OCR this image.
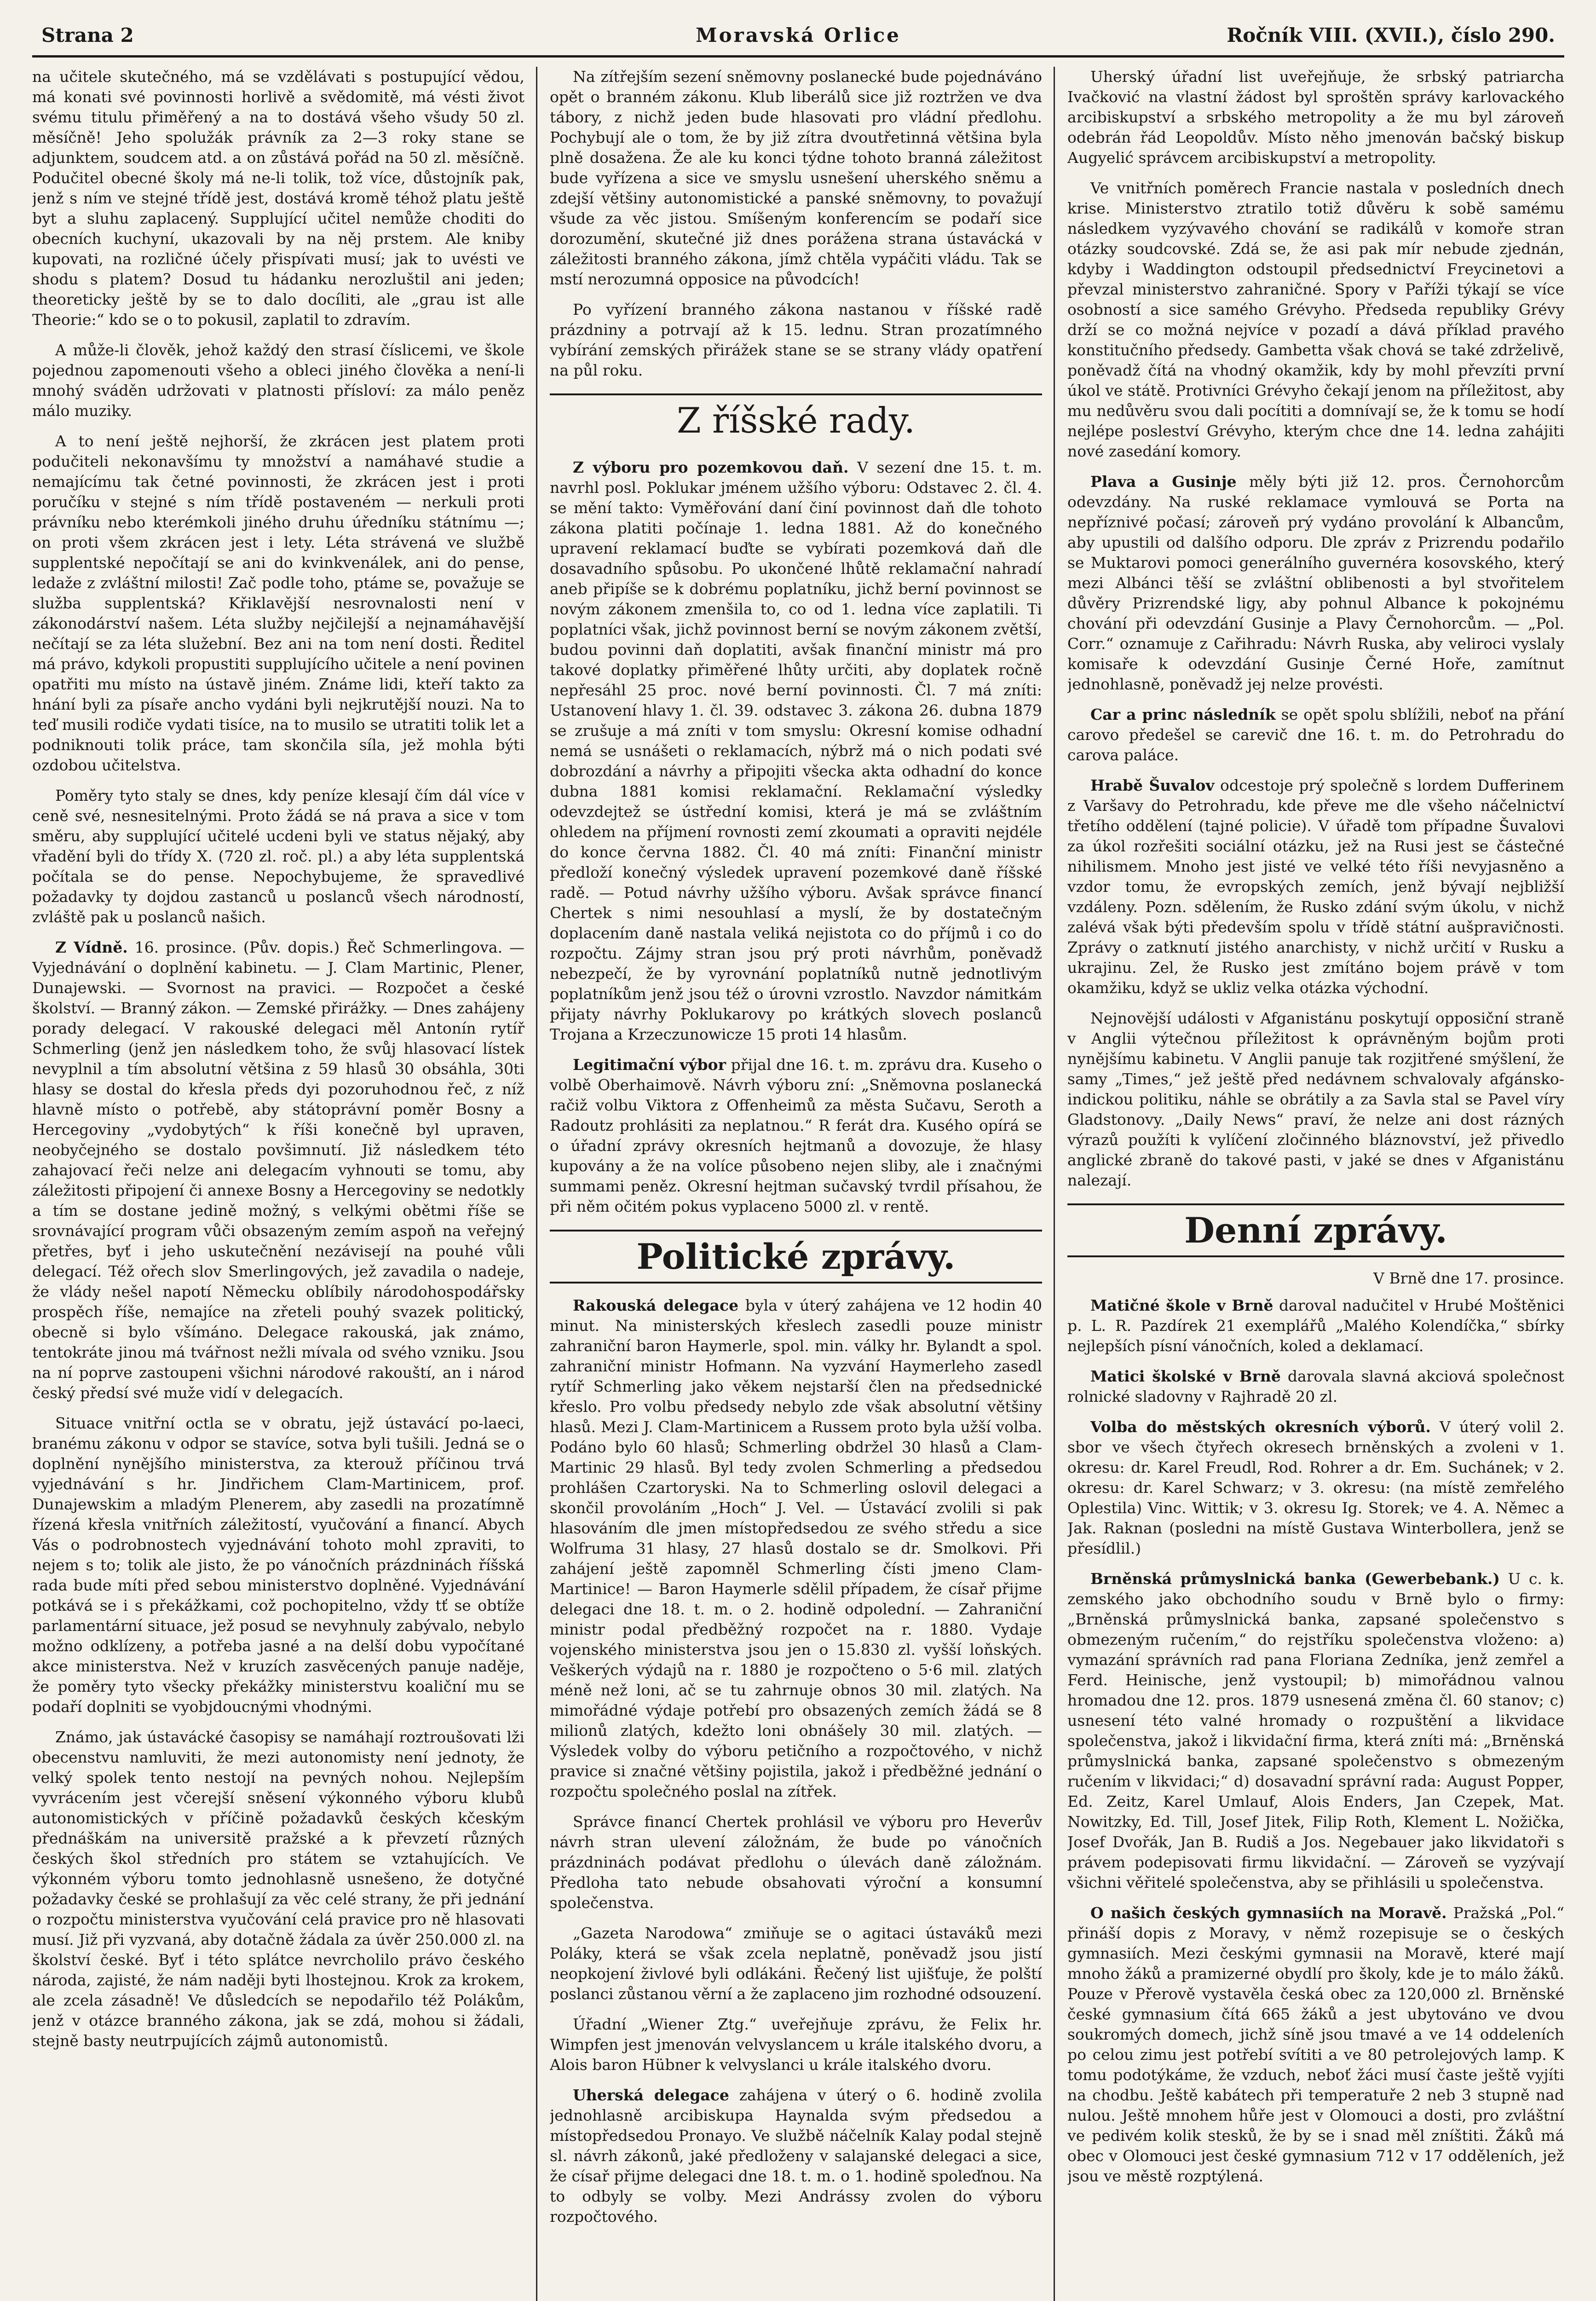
Strana 2	Moravská Orlice	Ročník VIII. (XVII.), číslo 290.

na učitele skutečného, má se vzdělávati s postupující vědou, má konati své povinnosti horlivě a svědomitě, má vésti život svému titulu přiměřený a na to dostává všeho všudy 50 zl. měsíčně! Jeho spolužák právník za 2—3 roky stane se adjunktem, soudcem atd. a on zůstává pořád na 50 zl. měsíčně. Podučitel obecné školy má ne-li tolik, tož více, důstojník pak, jenž s ním ve stejné třídě jest, dostává kromě téhož platu ještě byt a sluhu zaplacený. Supplující učitel nemůže choditi do obecních kuchyní, ukazovali by na něj prstem. Ale kniby kupovati, na rozličné účely přispívati musí; jak to uvésti ve shodu s platem? Dosud tu hádanku nerozluštil ani jeden; theoreticky ještě by se to dalo docíliti, ale „grau ist alle Theorie:“ kdo se o to pokusil, zaplatil to zdravím.

A může-li člověk, jehož každý den strasí číslicemi, ve škole pojednou zapomenouti všeho a obleci jiného člověka a není-li mnohý sváděn udržovati v platnosti přísloví: za málo peněz málo muziky.

A to není ještě nejhorší, že zkrácen jest platem proti podučiteli nekonavšímu ty množství a namáhavé studie a nemajícímu tak četné povinnosti, že zkrácen jest i proti poručíku v stejné s ním třídě postaveném — nerkuli proti právníku nebo kterémkoli jiného druhu úředníku státnímu —; on proti všem zkrácen jest i lety. Léta strávená ve službě supplentské nepočítají se ani do kvinkvenálek, ani do pense, ledaže z zvláštní milosti! Zač podle toho, ptáme se, považuje se služba supplentská? Křiklavější nesrovnalosti není v zákonodárství našem. Léta služby nejčilejší a nejnamáhavější nečítají se za léta služební. Bez ani na tom není dosti. Ředitel má právo, kdykoli propustiti supplujícího učitele a není povinen opatřiti mu místo na ústavě jiném. Známe lidi, kteří takto za hnání byli za písaře ancho vydáni byli nejkrutější nouzi. Na to teď musili rodiče vydati tisíce, na to musilo se utratiti tolik let a podniknouti tolik práce, tam skončila síla, jež mohla býti ozdobou učitelstva.

Poměry tyto staly se dnes, kdy peníze klesají čím dál více v ceně své, nesnesitelnými. Proto žádá se ná prava a sice v tom směru, aby supplující učitelé ucdeni byli ve status nějaký, aby vřadění byli do třídy X. (720 zl. roč. pl.) a aby léta supplentská počítala se do pense. Nepochybujeme, že spravedlivé požadavky ty dojdou zastanců u poslanců všech národností, zvláště pak u poslanců našich.

Z Vídně. 16. prosince. (Pův. dopis.) Řeč Schmerlingova. — Vyjednávání o doplnění kabinetu. — J. Clam Martinic, Plener, Dunajewski. — Svornost na pravici. — Rozpočet a české školství. — Branný zákon. — Zemské přirážky. — Dnes zahájeny porady delegací. V rakouské delegaci měl Antonín rytíř Schmerling (jenž jen následkem toho, že svůj hlasovací lístek nevyplnil a tím absolutní většina z 59 hlasů 30 obsáhla, 30ti hlasy se dostal do křesla předs dyi pozoruhodnou řeč, z níž hlavně místo o potřebě, aby státoprávní poměr Bosny a Hercegoviny „vydobytých“ k říši konečně byl upraven, neobyčejného se dostalo povšimnutí. Již následkem této zahajovací řeči nelze ani delegacím vyhnouti se tomu, aby záležitosti připojení či annexe Bosny a Hercegoviny se nedotkly a tím se dostane jedině možný, s velkými obětmi říše se srovnávající program vůči obsazeným zemím aspoň na veřejný přetřes, byť i jeho uskutečnění nezávisejí na pouhé vůli delegací. Též ořech slov Smerlingových, jež zavadila o nadeje, že vlády nešel napotí Německu oblíbily národohospodářsky prospěch říše, nemajíce na zřeteli pouhý svazek politický, obecně si bylo všímáno. Delegace rakouská, jak známo, tentokráte jinou má tvářnost nežli mívala od svého vzniku. Jsou na ní poprve zastoupeni všichni národové rakouští, an i národ český předsí své muže vidí v delegacích.

Situace vnitřní octla se v obratu, jejž ústavácí po-laeci, branému zákonu v odpor se stavíce, sotva byli tušili. Jedná se o doplnění nynějšího ministerstva, za kterouž příčinou trvá vyjednávání s hr. Jindřichem Clam-Martinicem, prof. Dunajewskim a mladým Plenerem, aby zasedli na prozatímně řízená křesla vnitřních záležitostí, vyučování a financí. Abych Vás o podrobnostech vyjednávání tohoto mohl zpraviti, to nejem s to; tolik ale jisto, že po vánočních prázdninách říšská rada bude míti před sebou ministerstvo doplněné. Vyjednávání potkává se i s překážkami, což pochopitelno, vždy tť se obtíže parlamentární situace, jež posud se nevyhnuly zabývalo, nebylo možno odklízeny, a potřeba jasné a na delší dobu vypočítané akce ministerstva. Než v kruzích zasvěcených panuje naděje, že poměry tyto všecky překážky ministerstvu koaliční mu se podaří doplniti se vyobjdoucnými vhodnými.

Známo, jak ústavácké časopisy se namáhají roztroušovati lži obecenstvu namluviti, že mezi autonomisty není jednoty, že velký spolek tento nestojí na pevných nohou. Nejlepším vyvrácením jest včerejší sněsení výkonného výboru klubů autonomistických v příčině požadavků českých kčeským přednáškám na universitě pražské a k převzetí různých českých škol středních pro státem se vztahujících. Ve výkonném výboru tomto jednohlasně usnešeno, že dotyčné požadavky české se prohlašují za věc celé strany, že při jednání o rozpočtu ministerstva vyučování celá pravice pro ně hlasovati musí. Již při vyzvaná, aby dotačně žádala za úvěr 250.000 zl. na školství české. Byť i této splátce nevrcholilo právo českého národa, zajisté, že nám naději byti lhostejnou. Krok za krokem, ale zcela zásadně! Ve důsledcích se nepodařilo též Polákům, jenž v otázce branného zákona, jak se zdá, mohou si žádali, stejně basty neutrpujících zájmů autonomistů.

Na zítřejším sezení sněmovny poslanecké bude pojednáváno opět o branném zákonu. Klub liberálů sice již roztržen ve dva tábory, z nichž jeden bude hlasovati pro vládní předlohu. Pochybují ale o tom, že by již zítra dvoutřetinná většina byla plně dosažena. Že ale ku konci týdne tohoto branná záležitost bude vyřízena a sice ve smyslu usnešení uherského sněmu a zdejší většiny autonomistické a panské sněmovny, to považují všude za věc jistou. Smíšeným konferencím se podaří sice dorozumění, skutečné již dnes porážena strana ústavácká v záležitosti branného zákona, jímž chtěla vypáčiti vládu. Tak se mstí nerozumná opposice na původcích!

Po vyřízení branného zákona nastanou v říšské radě prázdniny a potrvají až k 15. lednu. Stran prozatímného vybírání zemských přirážek stane se se strany vlády opatření na půl roku.

Z říšské rady.

Z výboru pro pozemkovou daň. V sezení dne 15. t. m. navrhl posl. Poklukar jménem užšího výboru: Odstavec 2. čl. 4. se mění takto: Vyměřování daní činí povinnost daň dle tohoto zákona platiti počínaje 1. ledna 1881. Až do konečného upravení reklamací buďte se vybírati pozemková daň dle dosavadního spůsobu. Po ukončené lhůtě reklamační nahradí aneb připíše se k dobrému poplatníku, jichž berní povinnost se novým zákonem zmenšila to, co od 1. ledna více zaplatili. Ti poplatníci však, jichž povinnost berní se novým zákonem zvětší, budou povinni daň doplatiti, avšak finanční ministr má pro takové doplatky přiměřené lhůty určiti, aby doplatek ročně nepřesáhl 25 proc. nové berní povinnosti. Čl. 7 má zníti: Ustanovení hlavy 1. čl. 39. odstavec 3. zákona 26. dubna 1879 se zrušuje a má zníti v tom smyslu: Okresní komise odhadní nemá se usnášeti o reklamacích, nýbrž má o nich podati své dobrozdání a návrhy a připojiti všecka akta odhadní do konce dubna 1881 komisi reklamační. Reklamační výsledky odevzdejtež se ústřední komisi, která je má se zvláštním ohledem na příjmení rovnosti zemí zkoumati a opraviti nejdéle do konce června 1882. Čl. 40 má zníti: Finanční ministr předloží konečný výsledek upravení pozemkové daně říšské radě. — Potud návrhy užšího výboru. Avšak správce financí Chertek s nimi nesouhlasí a myslí, že by dostatečným doplacením daně nastala veliká nejistota co do příjmů i co do rozpočtu. Zájmy stran jsou prý proti návrhům, poněvadž nebezpečí, že by vyrovnání poplatníků nutně jednotlivým poplatníkům jenž jsou též o úrovni vzrostlo. Navzdor námitkám přijaty návrhy Poklukarovy po krátkých slovech poslanců Trojana a Krzeczunowicze 15 proti 14 hlasům.

Legitimační výbor přijal dne 16. t. m. zprávu dra. Kuseho o volbě Oberhaimově. Návrh výboru zní: „Sněmovna poslanecká račiž volbu Viktora z Offenheimů za města Sučavu, Seroth a Radoutz prohlásiti za neplatnou.“ R ferát dra. Kusého opírá se o úřadní zprávy okresních hejtmanů a dovozuje, že hlasy kupovány a že na volíce působeno nejen sliby, ale i značnými summami peněz. Okresní hejtman sučavský tvrdil přísahou, že při něm očitém pokus vyplaceno 5000 zl. v rentě.

Politické zprávy.

Rakouská delegace byla v úterý zahájena ve 12 hodin 40 minut. Na ministerských křeslech zasedli pouze ministr zahraniční baron Haymerle, spol. min. války hr. Bylandt a spol. zahraniční ministr Hofmann. Na vyzvání Haymerleho zasedl rytíř Schmerling jako věkem nejstarší člen na předsednické křeslo. Pro volbu předsedy nebylo zde však absolutní většiny hlasů. Mezi J. Clam-Martinicem a Russem proto byla užší volba. Podáno bylo 60 hlasů; Schmerling obdržel 30 hlasů a Clam-Martinic 29 hlasů. Byl tedy zvolen Schmerling a předsedou prohlášen Czartoryski. Na to Schmerling oslovil delegaci a skončil provoláním „Hoch“ J. Vel. — Ústavácí zvolili si pak hlasováním dle jmen místopředsedou ze svého středu a sice Wolfruma 31 hlasy, 27 hlasů dostalo se dr. Smolkovi. Při zahájení ještě zapomněl Schmerling čísti jmeno Clam-Martinice! — Baron Haymerle sdělil případem, že císař přijme delegaci dne 18. t. m. o 2. hodině odpolední. — Zahraniční ministr podal předběžný rozpočet na r. 1880. Vydaje vojenského ministerstva jsou jen o 15.830 zl. vyšší loňských. Veškerých výdajů na r. 1880 je rozpočteno o 5·6 mil. zlatých méně než loni, ač se tu zahrnuje obnos 30 mil. zlatých. Na mimořádné výdaje potřebí pro obsazených zemích žádá se 8 milionů zlatých, kdežto loni obnášely 30 mil. zlatých. — Výsledek volby do výboru petičního a rozpočtového, v nichž pravice si značné většiny pojistila, jakož i předběžné jednání o rozpočtu společného poslal na zítřek.

Správce financí Chertek prohlásil ve výboru pro Heverův návrh stran ulevení záložnám, že bude po vánočních prázdninách podávat předlohu o úlevách daně záložnám. Předloha tato nebude obsahovati výroční a konsumní společenstva.

„Gazeta Narodowa“ zmiňuje se o agitaci ústaváků mezi Poláky, která se však zcela neplatně, poněvadž jsou jistí neopkojení živlové byli odlákáni. Řečený list ujišťuje, že polští poslanci zůstanou věrní a že zaplaceno jim rozhodné odsouzení.

Úřadní „Wiener Ztg.“ uveřejňuje zprávu, že Felix hr. Wimpfen jest jmenován velvyslancem u krále italského dvoru, a Alois baron Hübner k velvyslanci u krále italského dvoru.

Uherská delegace zahájena v úterý o 6. hodině zvolila jednohlasně arcibiskupa Haynalda svým předsedou a místopředsedou Pronayo. Ve službě náčelník Kalay podal stejně sl. návrh zákonů, jaké předloženy v salajanské delegaci a sice, že císař přijme delegaci dne 18. t. m. o 1. hodině spoleďnou. Na to odbyly se volby. Mezi Andrássy zvolen do výboru rozpočtového.

Uherský úřadní list uveřejňuje, že srbský patriarcha Ivačković na vlastní žádost byl sproštěn správy karlovackého arcibiskupství a srbského metropolity a že mu byl zároveň odebrán řád Leopoldův. Místo něho jmenován bačský biskup Augyelić správcem arcibiskupství a metropolity.

Ve vnitřních poměrech Francie nastala v posledních dnech krise. Ministerstvo ztratilo totiž důvěru k sobě samému následkem vyzývavého chování se radikálů v komoře stran otázky soudcovské. Zdá se, že asi pak mír nebude zjednán, kdyby i Waddington odstoupil předsednictví Freycinetovi a převzal ministerstvo zahraničné. Spory v Paříži týkají se více osobností a sice samého Grévyho. Předseda republiky Grévy drží se co možná nejvíce v pozadí a dává příklad pravého konstitučního předsedy. Gambetta však chová se také zdrželivě, poněvadž čítá na vhodný okamžik, kdy by mohl převzíti první úkol ve státě. Protivníci Grévyho čekají jenom na příležitost, aby mu nedůvěru svou dali pocítiti a domnívají se, že k tomu se hodí nejlépe posleství Grévyho, kterým chce dne 14. ledna zahájiti nové zasedání komory.

Plava a Gusinje měly býti již 12. pros. Černohorcům odevzdány. Na ruské reklamace vymlouvá se Porta na nepříznivé počasí; zároveň prý vydáno provolání k Albancům, aby upustili od dalšího odporu. Dle zpráv z Prizrendu podařilo se Muktarovi pomoci generálního guvernéra kosovského, který mezi Albánci těší se zvláštní oblibenosti a byl stvořitelem důvěry Prizrendské ligy, aby pohnul Albance k pokojnému chování při odevzdání Gusinje a Plavy Černohorcům. — „Pol. Corr.“ oznamuje z Cařihradu: Návrh Ruska, aby veliroci vyslaly komisaře k odevzdání Gusinje Černé Hoře, zamítnut jednohlasně, poněvadž jej nelze provésti.

Car a princ následník se opět spolu sblížili, neboť na přání carovo předešel se carevič dne 16. t. m. do Petrohradu do carova paláce.

Hrabě Šuvalov odcestoje prý společně s lordem Dufferinem z Varšavy do Petrohradu, kde převe me dle všeho náčelnictví třetího oddělení (tajné policie). V úřadě tom případne Šuvalovi za úkol rozřešiti sociální otázku, jež na Rusi jest se částečné nihilismem. Mnoho jest jisté ve velké této říši nevyjasněno a vzdor tomu, že evropských zemích, jenž bývají nejbližší vzdáleny. Pozn. sdělením, že Rusko zdání svým úkolu, v nichž zalévá však býti především spolu v třídě státní aušpravičnosti. Zprávy o zatknutí jistého anarchisty, v nichž určití v Rusku a ukrajinu. Zel, že Rusko jest zmítáno bojem právě v tom okamžiku, když se ukliz velka otázka východní.

Nejnovější události v Afganistánu poskytují opposiční straně v Anglii výtečnou příležitost k oprávněným bojům proti nynějšímu kabinetu. V Anglii panuje tak rozjitřené smýšlení, že samy „Times,“ jež ještě před nedávnem schvalovaly afgánsko-indickou politiku, náhle se obrátily a za Savla stal se Pavel víry Gladstonovy. „Daily News“ praví, že nelze ani dost rázných výrazů použíti k vylíčení zločinného bláznovství, jež přivedlo anglické zbraně do takové pasti, v jaké se dnes v Afganistánu nalezají.

Denní zprávy.
V Brně dne 17. prosince.

Matičné škole v Brně daroval nadučitel v Hrubé Moštěnici p. L. R. Pazdírek 21 exemplářů „Malého Kolendíčka,“ sbírky nejlepších písní vánočních, koled a deklamací.

Matici školské v Brně darovala slavná akciová společnost rolnické sladovny v Rajhradě 20 zl.

Volba do městských okresních výborů. V úterý volil 2. sbor ve všech čtyřech okresech brněnských a zvoleni v 1. okresu: dr. Karel Freudl, Rod. Rohrer a dr. Em. Suchánek; v 2. okresu: dr. Karel Schwarz; v 3. okresu: (na místě zemřelého Oplestila) Vinc. Wittik; v 3. okresu Ig. Storek; ve 4. A. Němec a Jak. Raknan (posledni na místě Gustava Winterbollera, jenž se přesídlil.)

Brněnská průmyslnická banka (Gewerbebank.) U c. k. zemského jako obchodního soudu v Brně bylo o firmy: „Brněnská průmyslnická banka, zapsané společenstvo s obmezeným ručením,“ do rejstříku společenstva vloženo: a) vymazání správních rad pana Floriana Zedníka, jenž zemřel a Ferd. Heinische, jenž vystoupil; b) mimořádnou valnou hromadou dne 12. pros. 1879 usnesená změna čl. 60 stanov; c) usnesení této valné hromady o rozpuštění a likvidace společenstva, jakož i likvidační firma, která zníti má: „Brněnská průmyslnická banka, zapsané společenstvo s obmezeným ručením v likvidaci;“ d) dosavadní správní rada: August Popper, Ed. Zeitz, Karel Umlauf, Alois Enders, Jan Czepek, Mat. Nowitzky, Ed. Till, Josef Jitek, Filip Roth, Klement L. Nožička, Josef Dvořák, Jan B. Rudiš a Jos. Negebauer jako likvidatoři s právem podepisovati firmu likvidační. — Zároveň se vyzývají všichni věřitelé společenstva, aby se přihlásili u společenstva.

O našich českých gymnasiích na Moravě. Pražská „Pol.“ přináší dopis z Moravy, v němž rozepisuje se o českých gymnasiích. Mezi českými gymnasii na Moravě, které mají mnoho žáků a pramizerné obydlí pro školy, kde je to málo žáků. Pouze v Přerově vystavěla česká obec za 120,000 zl. Brněnské české gymnasium čítá 665 žáků a jest ubytováno ve dvou soukromých domech, jichž síně jsou tmavé a ve 14 oddeleních po celou zimu jest potřebí svítiti a ve 80 petrolejových lamp. K tomu podotýkáme, že vzduch, neboť žáci musí časte ještě vyjíti na chodbu. Ještě kabátech při temperatuře 2 neb 3 stupně nad nulou. Ještě mnohem hůře jest v Olomouci a dosti, pro zvláštní ve pedivém kolik stesků, že by se i snad měl zníštiti. Žáků má obec v Olomouci jest české gymnasium 712 v 17 odděleních, jež jsou ve městě rozptýlená.
